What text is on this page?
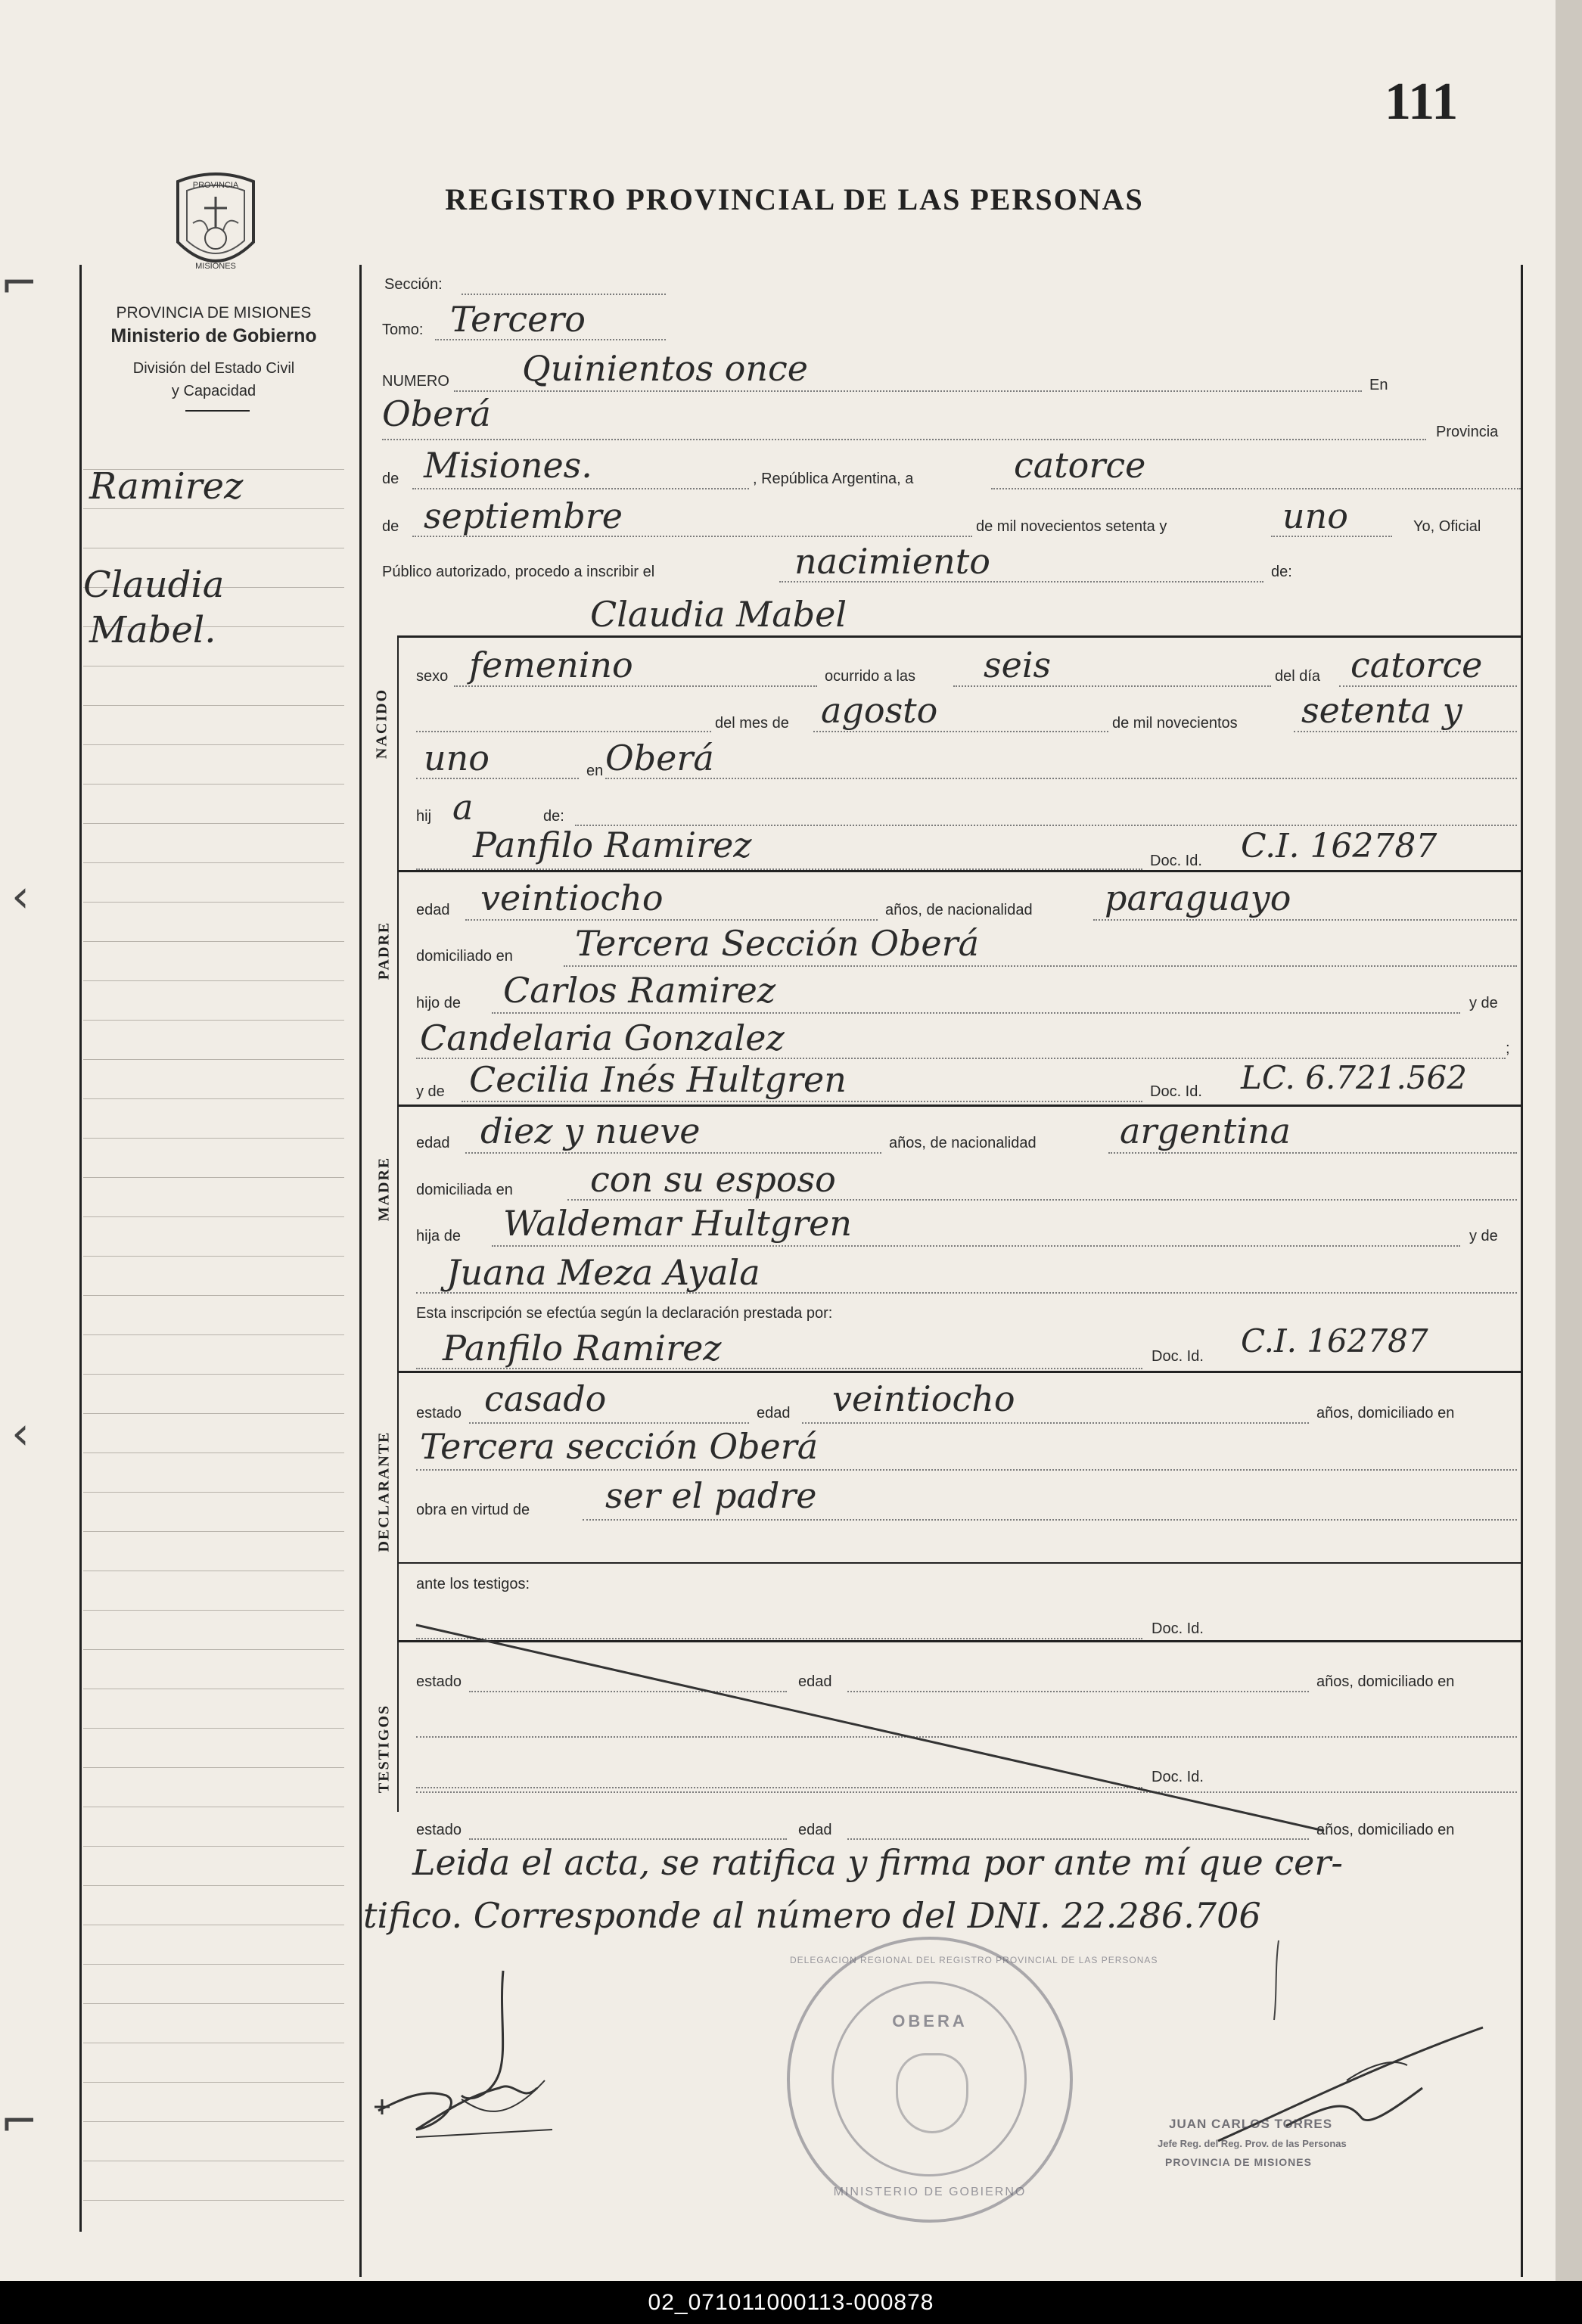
111
REGISTRO PROVINCIAL DE LAS PERSONAS
PROVINCIA
MISIONES
PROVINCIA DE MISIONES
Ministerio de Gobierno
División del Estado Civil
y Capacidad
Ramirez
Claudia
Mabel.
⌐
‹
‹
⌐
Sección:
Tomo: Tercero
NUMERO Quinientos once	En
Oberá	Provincia
de Misiones.	, República Argentina, a	catorce
de septiembre	de mil novecientos setenta y	uno	Yo, Oficial
Público autorizado, procedo a inscribir el	nacimiento	de:
Claudia Mabel
NACIDO
sexo femenino	ocurrido a las seis	del día catorce
del mes de agosto	de mil novecientos setenta y
uno	en Oberá
hij a	de:
Panfilo Ramirez	Doc. Id. C.I. 162787
PADRE
edad veintiocho	años, de nacionalidad paraguayo
domiciliado en Tercera Sección Oberá
hijo de Carlos Ramirez	y de
Candelaria Gonzalez	;
y de Cecilia Inés Hultgren	Doc. Id. LC. 6.721.562
MADRE
edad diez y nueve	años, de nacionalidad argentina
domiciliada en con su esposo
hija de Waldemar Hultgren	y de
Juana Meza Ayala
Esta inscripción se efectúa según la declaración prestada por:
Panfilo Ramirez	Doc. Id. C.I. 162787
DECLARANTE
estado casado	edad veintiocho	años, domiciliado en
Tercera sección Oberá
obra en virtud de ser el padre
ante los testigos:
Doc. Id.
TESTIGOS
estado	edad	años, domiciliado en
Doc. Id.
estado	edad	años, domiciliado en
Leida el acta, se ratifica y firma por ante mí que cer-
tifico. Corresponde al número del DNI. 22.286.706
OBERA
DELEGACION REGIONAL DEL REGISTRO PROVINCIAL DE LAS PERSONAS
MINISTERIO DE GOBIERNO
JUAN CARLOS TORRES
Jefe Reg. del Reg. Prov. de las Personas
PROVINCIA DE MISIONES
02_071011000113-000878
